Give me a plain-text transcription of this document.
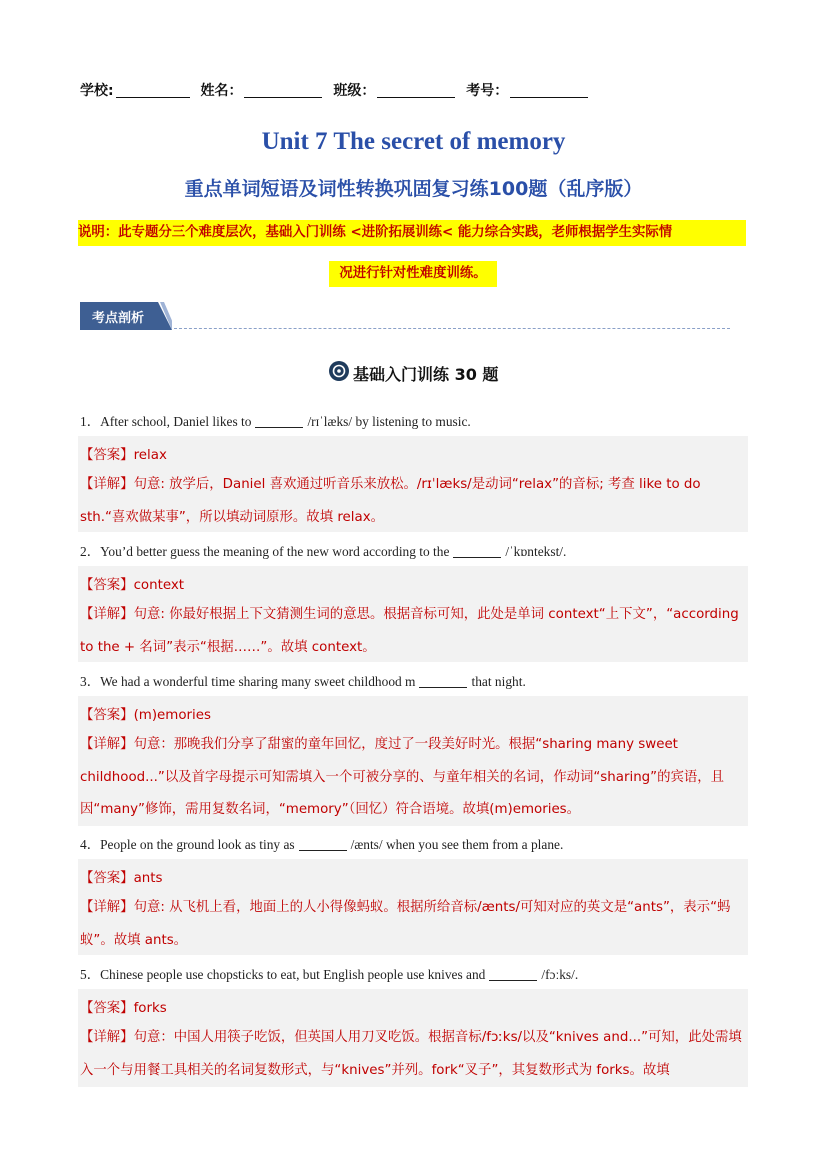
学校:	姓名：	班级：	考号：
Unit 7 The secret of memory
重点单词短语及词性转换巩固复习练100题（乱序版）
说明：此专题分三个难度层次，基础入门训练 <进阶拓展训练< 能力综合实践，老师根据学生实际情
况进行针对性难度训练。
考点剖析
基础入门训练 30 题
1．After school, Daniel likes to	/rɪˈlæks/ by listening to music.
【答案】relax
【详解】句意: 放学后，Daniel 喜欢通过听音乐来放松。/rɪˈlæks/是动词“relax”的音标; 考查 like to do sth.“喜欢做某事”，所以填动词原形。故填 relax。
2．You’d better guess the meaning of the new word according to the	/ˈkɒntekst/.
【答案】context
【详解】句意: 你最好根据上下文猜测生词的意思。根据音标可知，此处是单词 context“上下文”，“according to the + 名词”表示“根据……”。故填 context。
3．We had a wonderful time sharing many sweet childhood m	that night.
【答案】(m)emories
【详解】句意：那晚我们分享了甜蜜的童年回忆，度过了一段美好时光。根据“sharing many sweet childhood...”以及首字母提示可知需填入一个可被分享的、与童年相关的名词，作动词“sharing”的宾语，且因“many”修饰，需用复数名词，“memory”（回忆）符合语境。故填(m)emories。
4．People on the ground look as tiny as	/ænts/ when you see them from a plane.
【答案】ants
【详解】句意: 从飞机上看，地面上的人小得像蚂蚁。根据所给音标/ænts/可知对应的英文是“ants”，表示“蚂蚁”。故填 ants。
5．Chinese people use chopsticks to eat, but English people use knives and	/fɔːks/.
【答案】forks
【详解】句意：中国人用筷子吃饭，但英国人用刀叉吃饭。根据音标/fɔːks/以及“knives and...”可知，此处需填入一个与用餐工具相关的名词复数形式，与“knives”并列。fork“叉子”，其复数形式为 forks。故填
